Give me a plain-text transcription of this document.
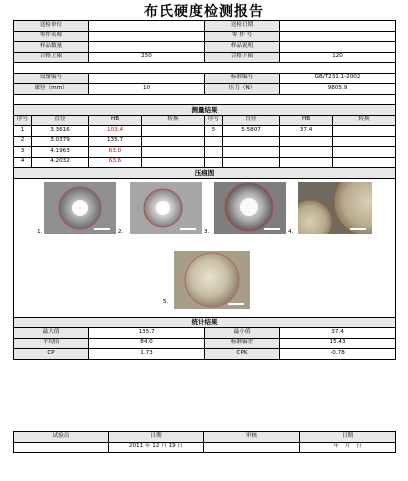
布氏硬度检测报告
送检单位				送检日期			
零件名称				零 件 号			
样品数量				样品说明			
合格上限		250		合格下限		120	

设备编号				标准编号		GB/T231.1-2002	
球径（mm）		10		压力（N）		9805.9	

测量结果							
序号	直径	HB	转换	序号	直径	HB	转换
1	3.3616	103.4		5	5.5807	37.4	
2	3.0379	135.7					
3	4.1963	63.0					
4	4.2032	63.6					
压痕图							

1. 2. 3. 4.
5.							

统计结果							
最大值		135.7		最小值		37.4	
平均值		84.0		标准偏差		15.43	
CP		1.73		CPK		-0.78	
试验员	日期	审核	日期
	2011 年 12 月 19 日		年　月　日
